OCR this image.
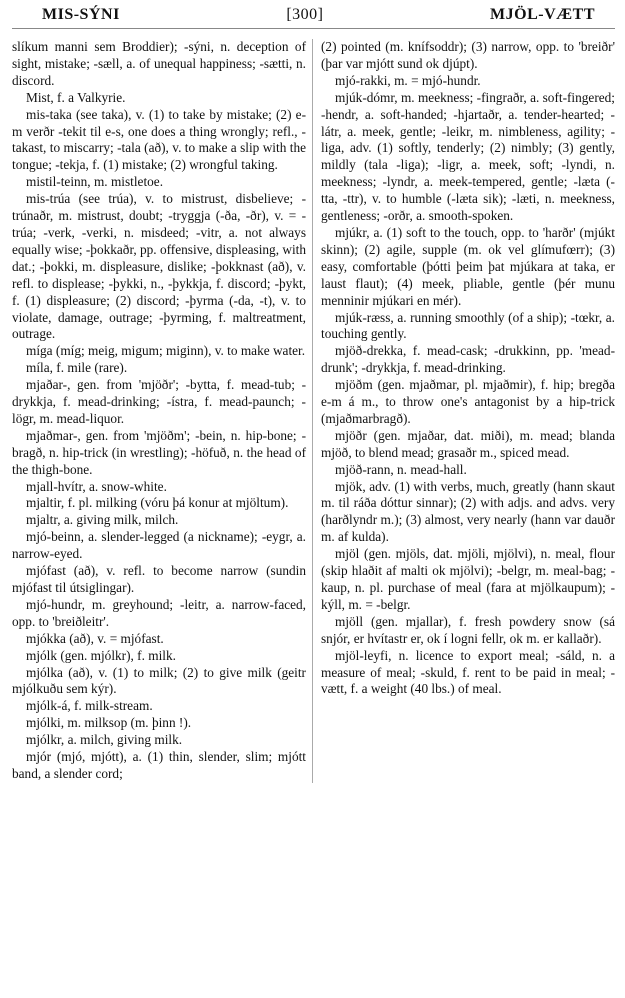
MIS-SÝNI	[300]	MJÖL-VÆTT

slíkum manni sem Broddier); -sýni, n. deception of sight, mistake; -sæll, a. of unequal happiness; -sætti, n. discord.

Mist, f. a Valkyrie.

mis-taka (see taka), v. (1) to take by mistake; (2) e-m verðr -tekit til e-s, one does a thing wrongly; refl., -takast, to miscarry; -tala (að), v. to make a slip with the tongue; -tekja, f. (1) mistake; (2) wrongful taking.

mistil-teinn, m. mistletoe.

mis-trúa (see trúa), v. to mistrust, disbelieve; -trúnaðr, m. mistrust, doubt; -tryggja (-ða, -ðr), v. = -trúa; -verk, -verki, n. misdeed; -vitr, a. not always equally wise; -þokkaðr, pp. offensive, displeasing, with dat.; -þokki, m. displeasure, dislike; -þokknast (að), v. refl. to displease; -þykki, n., -þykkja, f. discord; -þykt, f. (1) displeasure; (2) discord; -þyrma (-da, -t), v. to violate, damage, outrage; -þyrming, f. maltreatment, outrage.

míga (míg; meig, migum; miginn), v. to make water.

míla, f. mile (rare).

mjaðar-, gen. from 'mjöðr'; -bytta, f. mead-tub; -drykkja, f. mead-drinking; -ístra, f. mead-paunch; -lögr, m. mead-liquor.

mjaðmar-, gen. from 'mjöðm'; -bein, n. hip-bone; -bragð, n. hip-trick (in wrestling); -höfuð, n. the head of the thigh-bone.

mjall-hvítr, a. snow-white.

mjaltir, f. pl. milking (vóru þá konur at mjöltum).

mjaltr, a. giving milk, milch.

mjó-beinn, a. slender-legged (a nickname); -eygr, a. narrow-eyed.

mjófast (að), v. refl. to become narrow (sundin mjófast til útsiglingar).

mjó-hundr, m. greyhound; -leitr, a. narrow-faced, opp. to 'breiðleitr'.

mjókka (að), v. = mjófast.

mjólk (gen. mjólkr), f. milk.

mjólka (að), v. (1) to milk; (2) to give milk (geitr mjólkuðu sem kýr).

mjólk-á, f. milk-stream.

mjólki, m. milksop (m. þinn !).

mjólkr, a. milch, giving milk.

mjór (mjó, mjótt), a. (1) thin, slender, slim; mjótt band, a slender cord;

(2) pointed (m. knífsoddr); (3) narrow, opp. to 'breiðr' (þar var mjótt sund ok djúpt).

mjó-rakki, m. = mjó-hundr.

mjúk-dómr, m. meekness; -fingraðr, a. soft-fingered; -hendr, a. soft-handed; -hjartaðr, a. tender-hearted; -látr, a. meek, gentle; -leikr, m. nimbleness, agility; -liga, adv. (1) softly, tenderly; (2) nimbly; (3) gently, mildly (tala -liga); -ligr, a. meek, soft; -lyndi, n. meekness; -lyndr, a. meek-tempered, gentle; -læta (-tta, -ttr), v. to humble (-læta sik); -læti, n. meekness, gentleness; -orðr, a. smooth-spoken.

mjúkr, a. (1) soft to the touch, opp. to 'harðr' (mjúkt skinn); (2) agile, supple (m. ok vel glímufœrr); (3) easy, comfortable (þótti þeim þat mjúkara at taka, er laust flaut); (4) meek, pliable, gentle (þér munu menninir mjúkari en mér).

mjúk-ræss, a. running smoothly (of a ship); -tœkr, a. touching gently.

mjöð-drekka, f. mead-cask; -drukkinn, pp. 'mead-drunk'; -drykkja, f. mead-drinking.

mjöðm (gen. mjaðmar, pl. mjaðmir), f. hip; bregða e-m á m., to throw one's antagonist by a hip-trick (mjaðmarbragð).

mjöðr (gen. mjaðar, dat. miði), m. mead; blanda mjöð, to blend mead; grasaðr m., spiced mead.

mjöð-rann, n. mead-hall.

mjök, adv. (1) with verbs, much, greatly (hann skaut m. til ráða dóttur sinnar); (2) with adjs. and advs. very (harðlyndr m.); (3) almost, very nearly (hann var dauðr m. af kulda).

mjöl (gen. mjöls, dat. mjöli, mjölvi), n. meal, flour (skip hlaðit af malti ok mjölvi); -belgr, m. meal-bag; -kaup, n. pl. purchase of meal (fara at mjölkaupum); -kýll, m. = -belgr.

mjöll (gen. mjallar), f. fresh powdery snow (sá snjór, er hvítastr er, ok í logni fellr, ok m. er kallaðr).

mjöl-leyfi, n. licence to export meal; -sáld, n. a measure of meal; -skuld, f. rent to be paid in meal; -vætt, f. a weight (40 lbs.) of meal.
